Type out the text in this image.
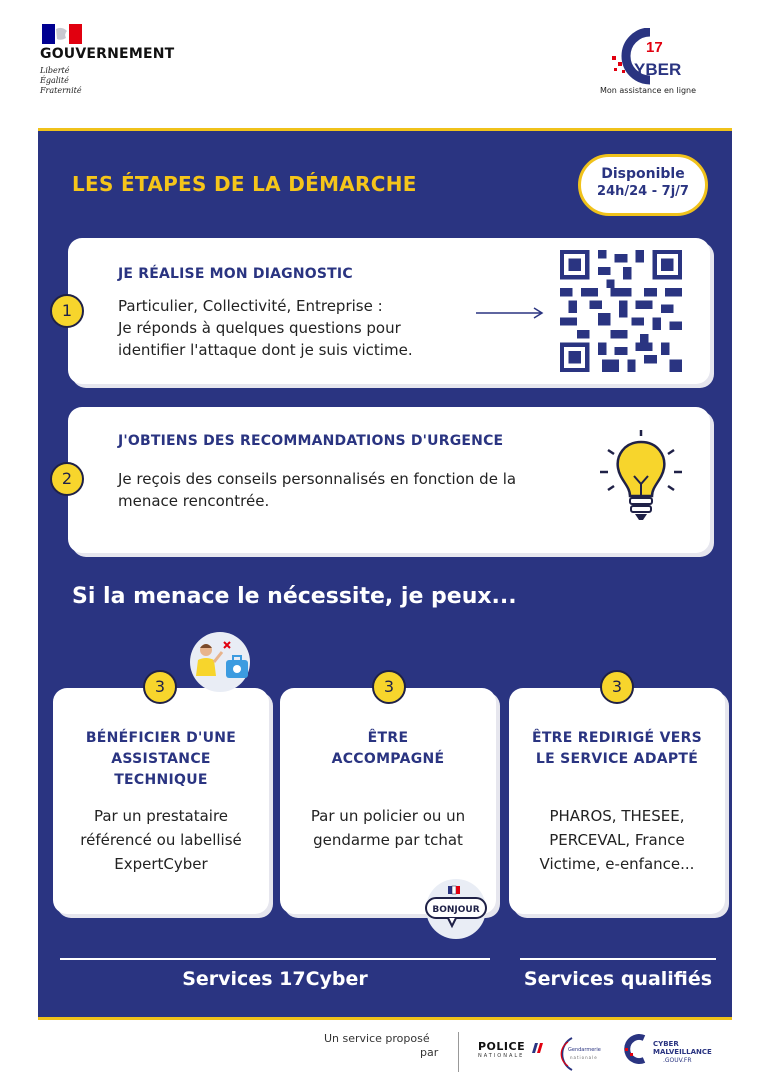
GOUVERNEMENT
Liberté
Égalité
Fraternité
17
YBER
Mon assistance en ligne
LES ÉTAPES DE LA DÉMARCHE	Disponible
24h/24 - 7j/7
1
JE RÉALISE MON DIAGNOSTIC
Particulier, Collectivité, Entreprise :
Je réponds à quelques questions pour
identifier l'attaque dont je suis victime.
2
J'OBTIENS DES RECOMMANDATIONS D'URGENCE
Je reçois des conseils personnalisés en fonction de la
menace rencontrée.
Si la menace le nécessite, je peux...
3	3	3
BÉNÉFICIER D'UNE
ASSISTANCE
TECHNIQUE
Par un prestataire
référencé ou labellisé
ExpertCyber
ÊTRE
ACCOMPAGNÉ
Par un policier ou un
gendarme par tchat
ÊTRE REDIRIGÉ VERS
LE SERVICE ADAPTÉ
PHAROS, THESEE,
PERCEVAL, France
Victime, e-enfance...
BONJOUR
Services 17Cyber	Services qualifiés
Un service proposé
par	POLICE
NATIONALE
Gendarmerie
nationale
CYBER
MALVEILLANCE
.GOUV.FR
